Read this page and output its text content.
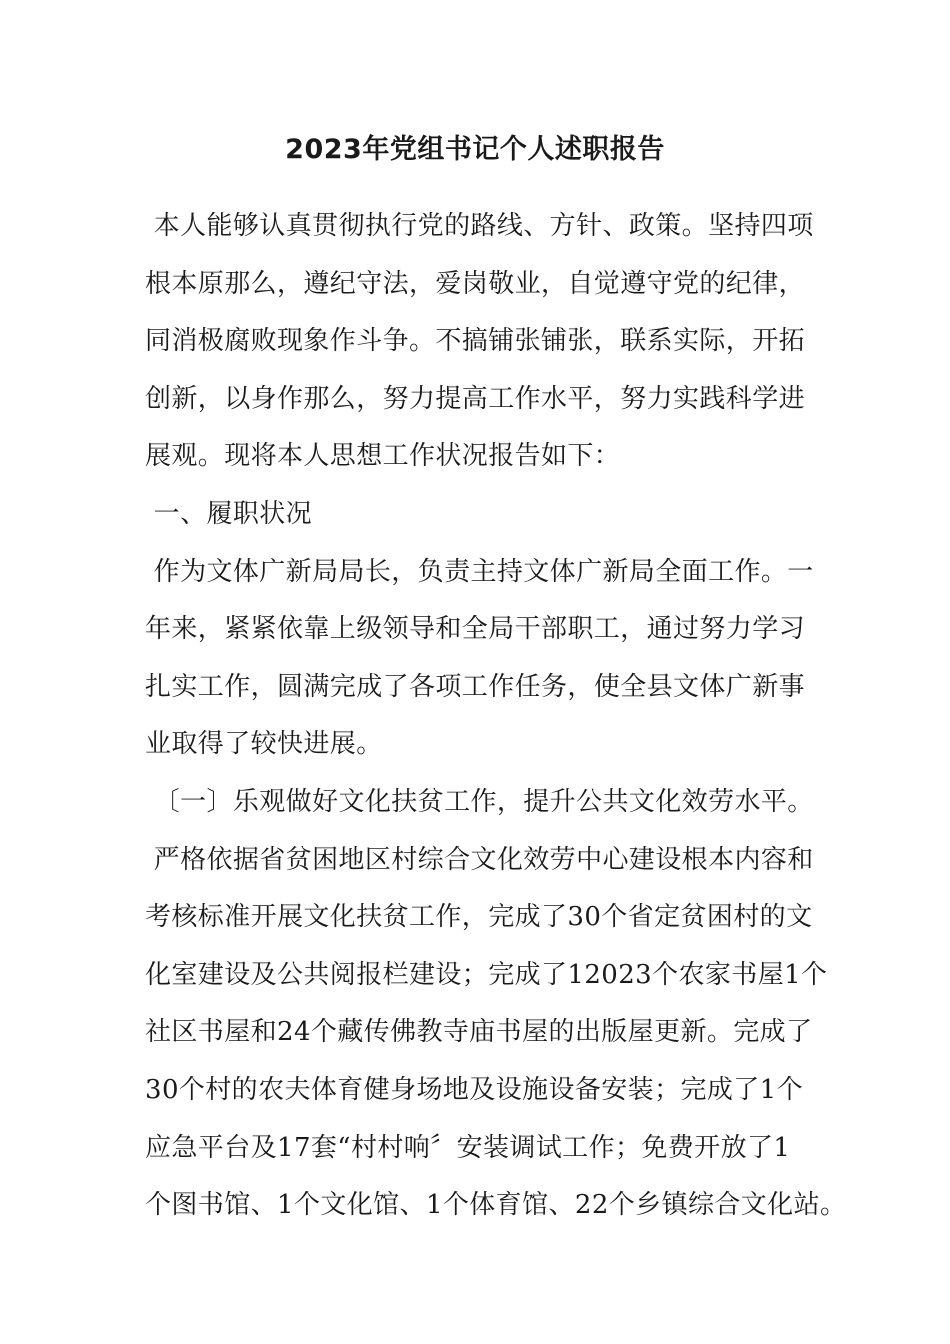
2023年党组书记个人述职报告
本人能够认真贯彻执行党的路线、方针、政策。坚持四项
根本原那么，遵纪守法，爱岗敬业，自觉遵守党的纪律，
同消极腐败现象作斗争。不搞铺张铺张，联系实际，开拓
创新，以身作那么，努力提高工作水平，努力实践科学进
展观。现将本人思想工作状况报告如下：
一、履职状况
作为文体广新局局长，负责主持文体广新局全面工作。一
年来，紧紧依靠上级领导和全局干部职工，通过努力学习
扎实工作，圆满完成了各项工作任务，使全县文体广新事
业取得了较快进展。
〔一〕乐观做好文化扶贫工作，提升公共文化效劳水平。
严格依据省贫困地区村综合文化效劳中心建设根本内容和
考核标准开展文化扶贫工作，完成了30个省定贫困村的文
化室建设及公共阅报栏建设；完成了12023个农家书屋1个
社区书屋和24个藏传佛教寺庙书屋的出版屋更新。完成了
30个村的农夫体育健身场地及设施设备安装；完成了1个
应急平台及17套“村村响〞安装调试工作；免费开放了1
个图书馆、1个文化馆、1个体育馆、22个乡镇综合文化站。
